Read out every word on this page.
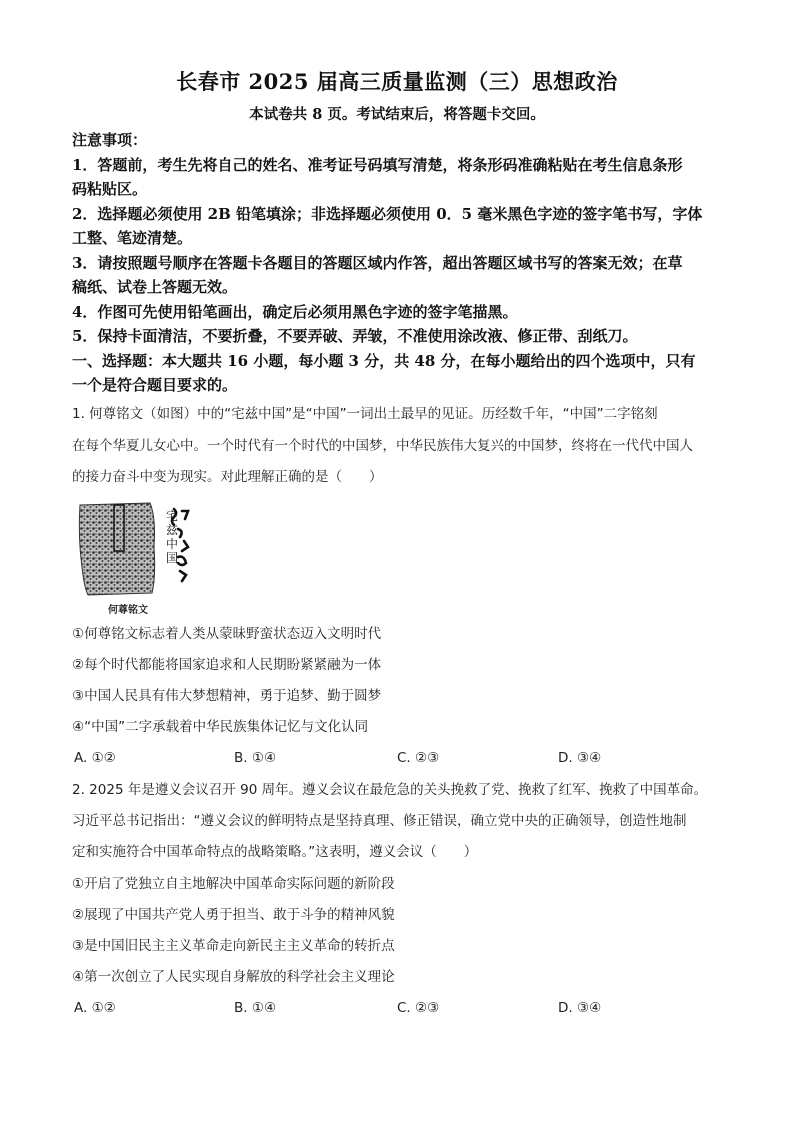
长春市 2025 届高三质量监测（三）思想政治
本试卷共 8 页。考试结束后，将答题卡交回。
注意事项：
1．答题前，考生先将自己的姓名、准考证号码填写清楚，将条形码准确粘贴在考生信息条形
码粘贴区。
2．选择题必须使用 2B 铅笔填涂；非选择题必须使用 0．5 毫米黑色字迹的签字笔书写，字体
工整、笔迹清楚。
3．请按照题号顺序在答题卡各题目的答题区域内作答，超出答题区域书写的答案无效；在草
稿纸、试卷上答题无效。
4．作图可先使用铅笔画出，确定后必须用黑色字迹的签字笔描黑。
5．保持卡面清洁，不要折叠，不要弄破、弄皱，不准使用涂改液、修正带、刮纸刀。
一、选择题：本大题共 16 小题，每小题 3 分，共 48 分，在每小题给出的四个选项中，只有
一个是符合题目要求的。
1. 何尊铭文（如图）中的“宅兹中国”是“中国”一词出土最早的见证。历经数千年，“中国”二字铭刻
在每个华夏儿女心中。一个时代有一个时代的中国梦，中华民族伟大复兴的中国梦，终将在一代代中国人
的接力奋斗中变为现实。对此理解正确的是（　　）
宅兹中国
何尊铭文
①何尊铭文标志着人类从蒙昧野蛮状态迈入文明时代
②每个时代都能将国家追求和人民期盼紧紧融为一体
③中国人民具有伟大梦想精神，勇于追梦、勤于圆梦
④“中国”二字承载着中华民族集体记忆与文化认同
A. ①②	B. ①④	C. ②③	D. ③④
2. 2025 年是遵义会议召开 90 周年。遵义会议在最危急的关头挽救了党、挽救了红军、挽救了中国革命。
习近平总书记指出：“遵义会议的鲜明特点是坚持真理、修正错误，确立党中央的正确领导，创造性地制
定和实施符合中国革命特点的战略策略。”这表明，遵义会议（　　）
①开启了党独立自主地解决中国革命实际问题的新阶段
②展现了中国共产党人勇于担当、敢于斗争的精神风貌
③是中国旧民主主义革命走向新民主主义革命的转折点
④第一次创立了人民实现自身解放的科学社会主义理论
A. ①②	B. ①④	C. ②③	D. ③④
